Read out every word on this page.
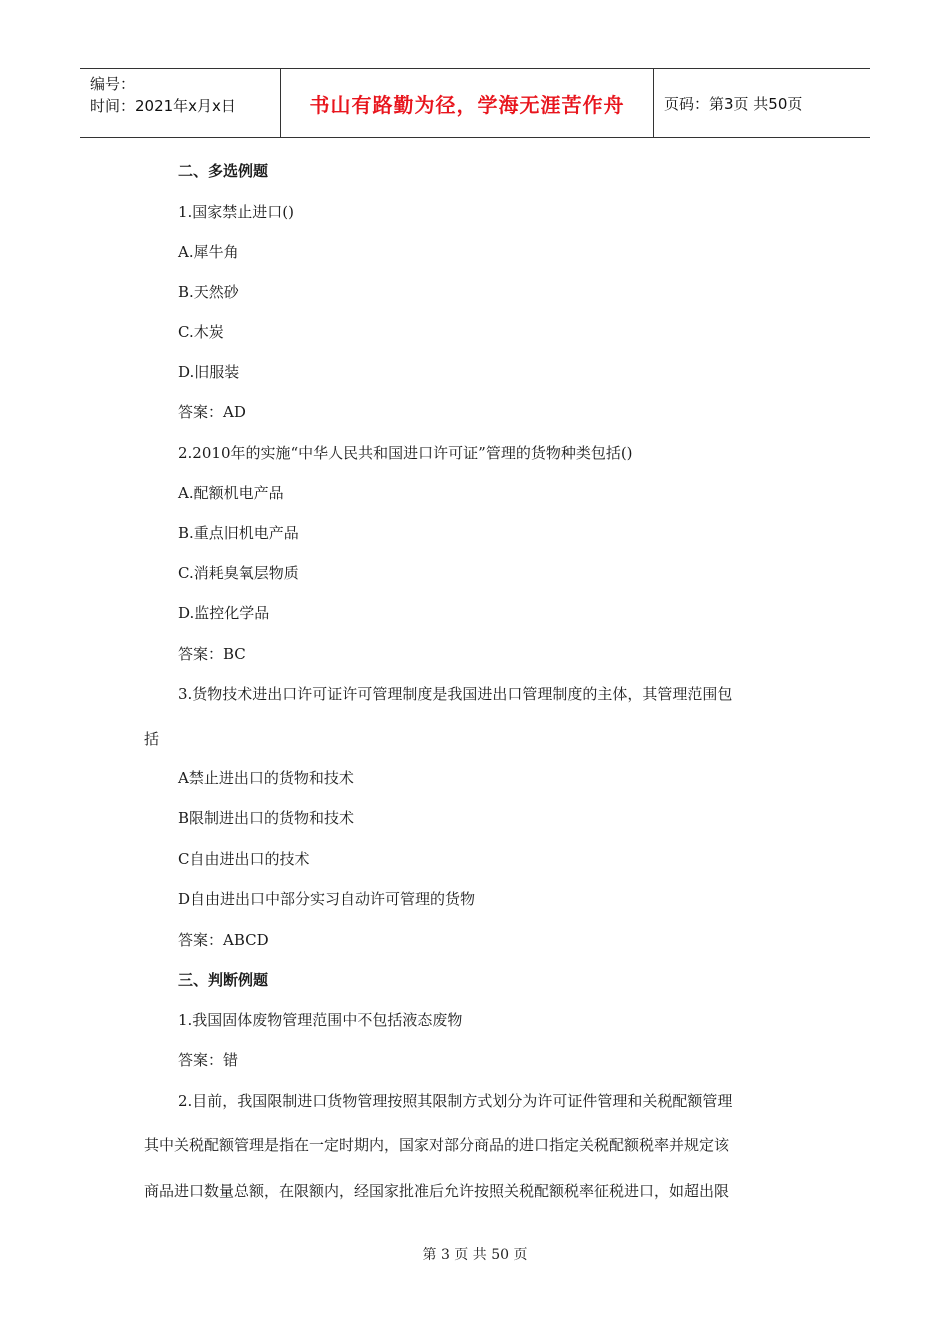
编号：
时间：2021年x月x日	书山有路勤为径，学海无涯苦作舟	页码：第3页 共50页
二、多选例题
1.国家禁止进口()
A.犀牛角
B.天然砂
C.木炭
D.旧服装
答案：AD
2.2010年的实施“中华人民共和国进口许可证”管理的货物种类包括()
A.配额机电产品
B.重点旧机电产品
C.消耗臭氧层物质
D.监控化学品
答案：BC
3.货物技术进出口许可证许可管理制度是我国进出口管理制度的主体，其管理范围包
括
A禁止进出口的货物和技术
B限制进出口的货物和技术
C自由进出口的技术
D自由进出口中部分实习自动许可管理的货物
答案：ABCD
三、判断例题
1.我国固体废物管理范围中不包括液态废物
答案：错
2.目前，我国限制进口货物管理按照其限制方式划分为许可证件管理和关税配额管理
其中关税配额管理是指在一定时期内，国家对部分商品的进口指定关税配额税率并规定该
商品进口数量总额，在限额内，经国家批准后允许按照关税配额税率征税进口，如超出限
第 3 页 共 50 页
